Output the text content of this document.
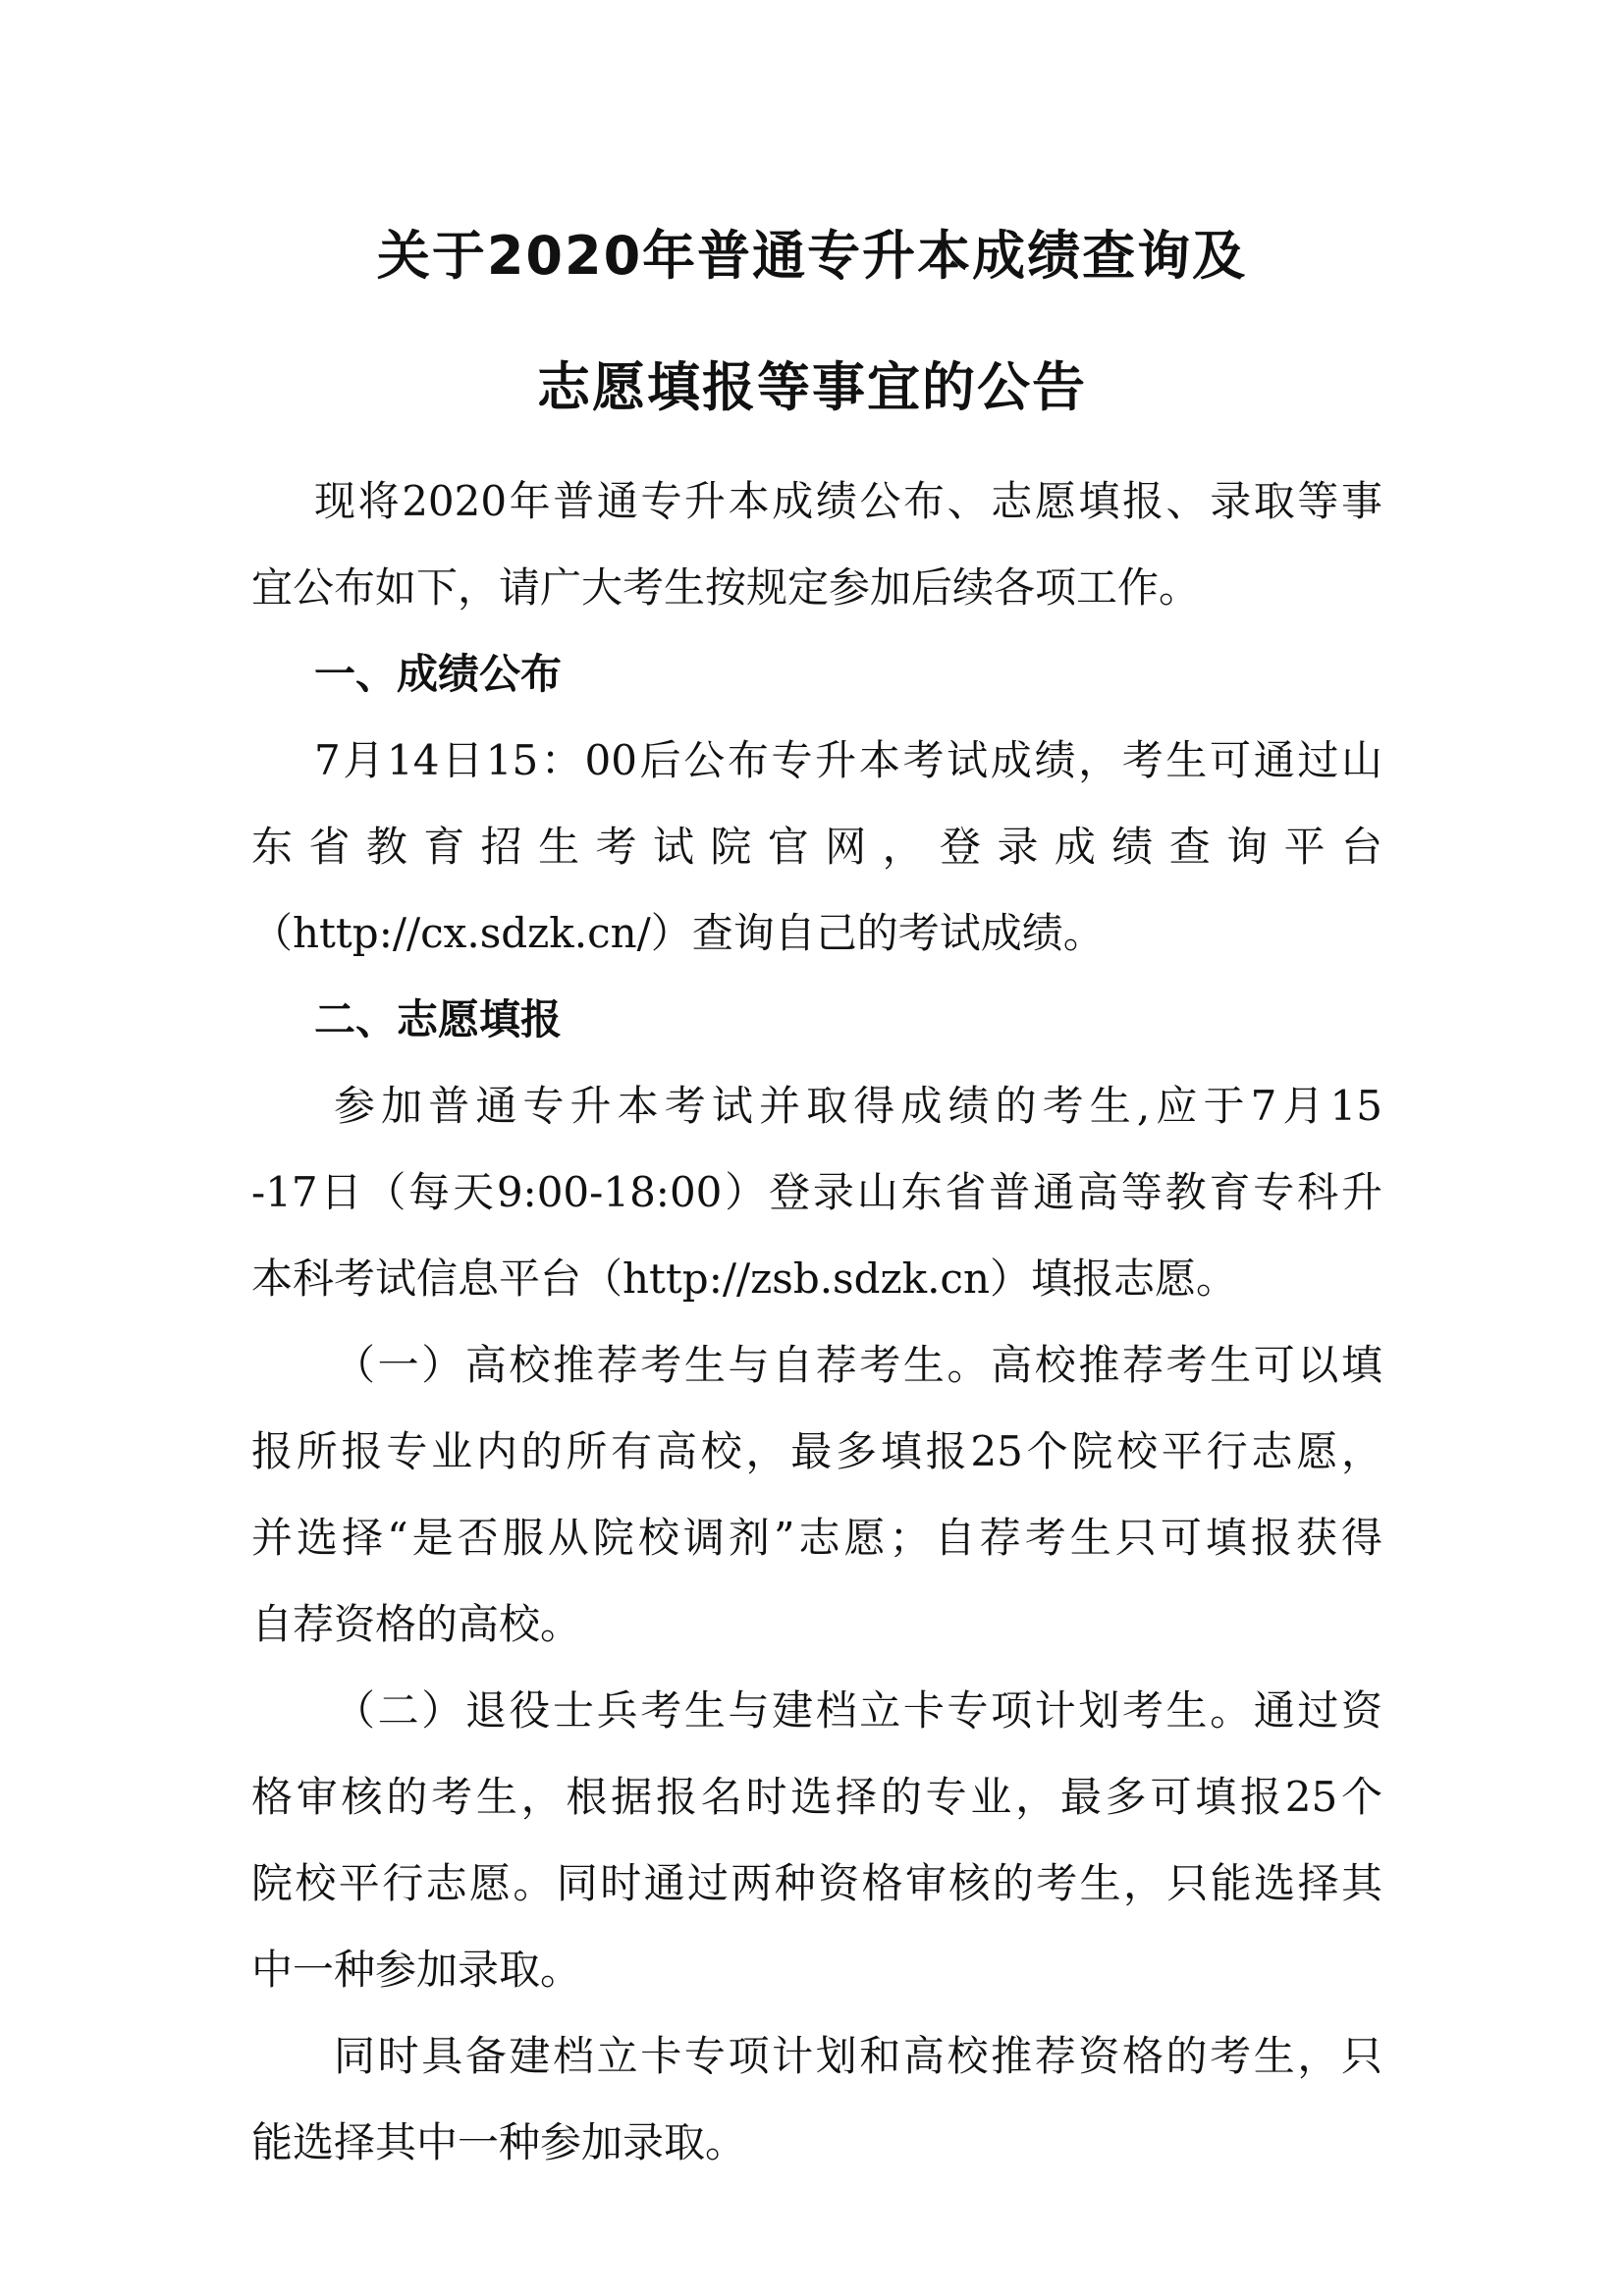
关于2020年普通专升本成绩查询及
志愿填报等事宜的公告
现将2020年普通专升本成绩公布、志愿填报、录取等事
宜公布如下，请广大考生按规定参加后续各项工作。
一、成绩公布
7月14日15：00后公布专升本考试成绩，考生可通过山
东省教育招生考试院官网，登录成绩查询平台
（http://cx.sdzk.cn/）查询自己的考试成绩。
二、志愿填报
参加普通专升本考试并取得成绩的考生,应于7月15
-17日（每天9:00-18:00）登录山东省普通高等教育专科升
本科考试信息平台（http://zsb.sdzk.cn）填报志愿。
（一）高校推荐考生与自荐考生。高校推荐考生可以填
报所报专业内的所有高校，最多填报25个院校平行志愿，
并选择“是否服从院校调剂”志愿；自荐考生只可填报获得
自荐资格的高校。
（二）退役士兵考生与建档立卡专项计划考生。通过资
格审核的考生，根据报名时选择的专业，最多可填报25个
院校平行志愿。同时通过两种资格审核的考生，只能选择其
中一种参加录取。
同时具备建档立卡专项计划和高校推荐资格的考生，只
能选择其中一种参加录取。
